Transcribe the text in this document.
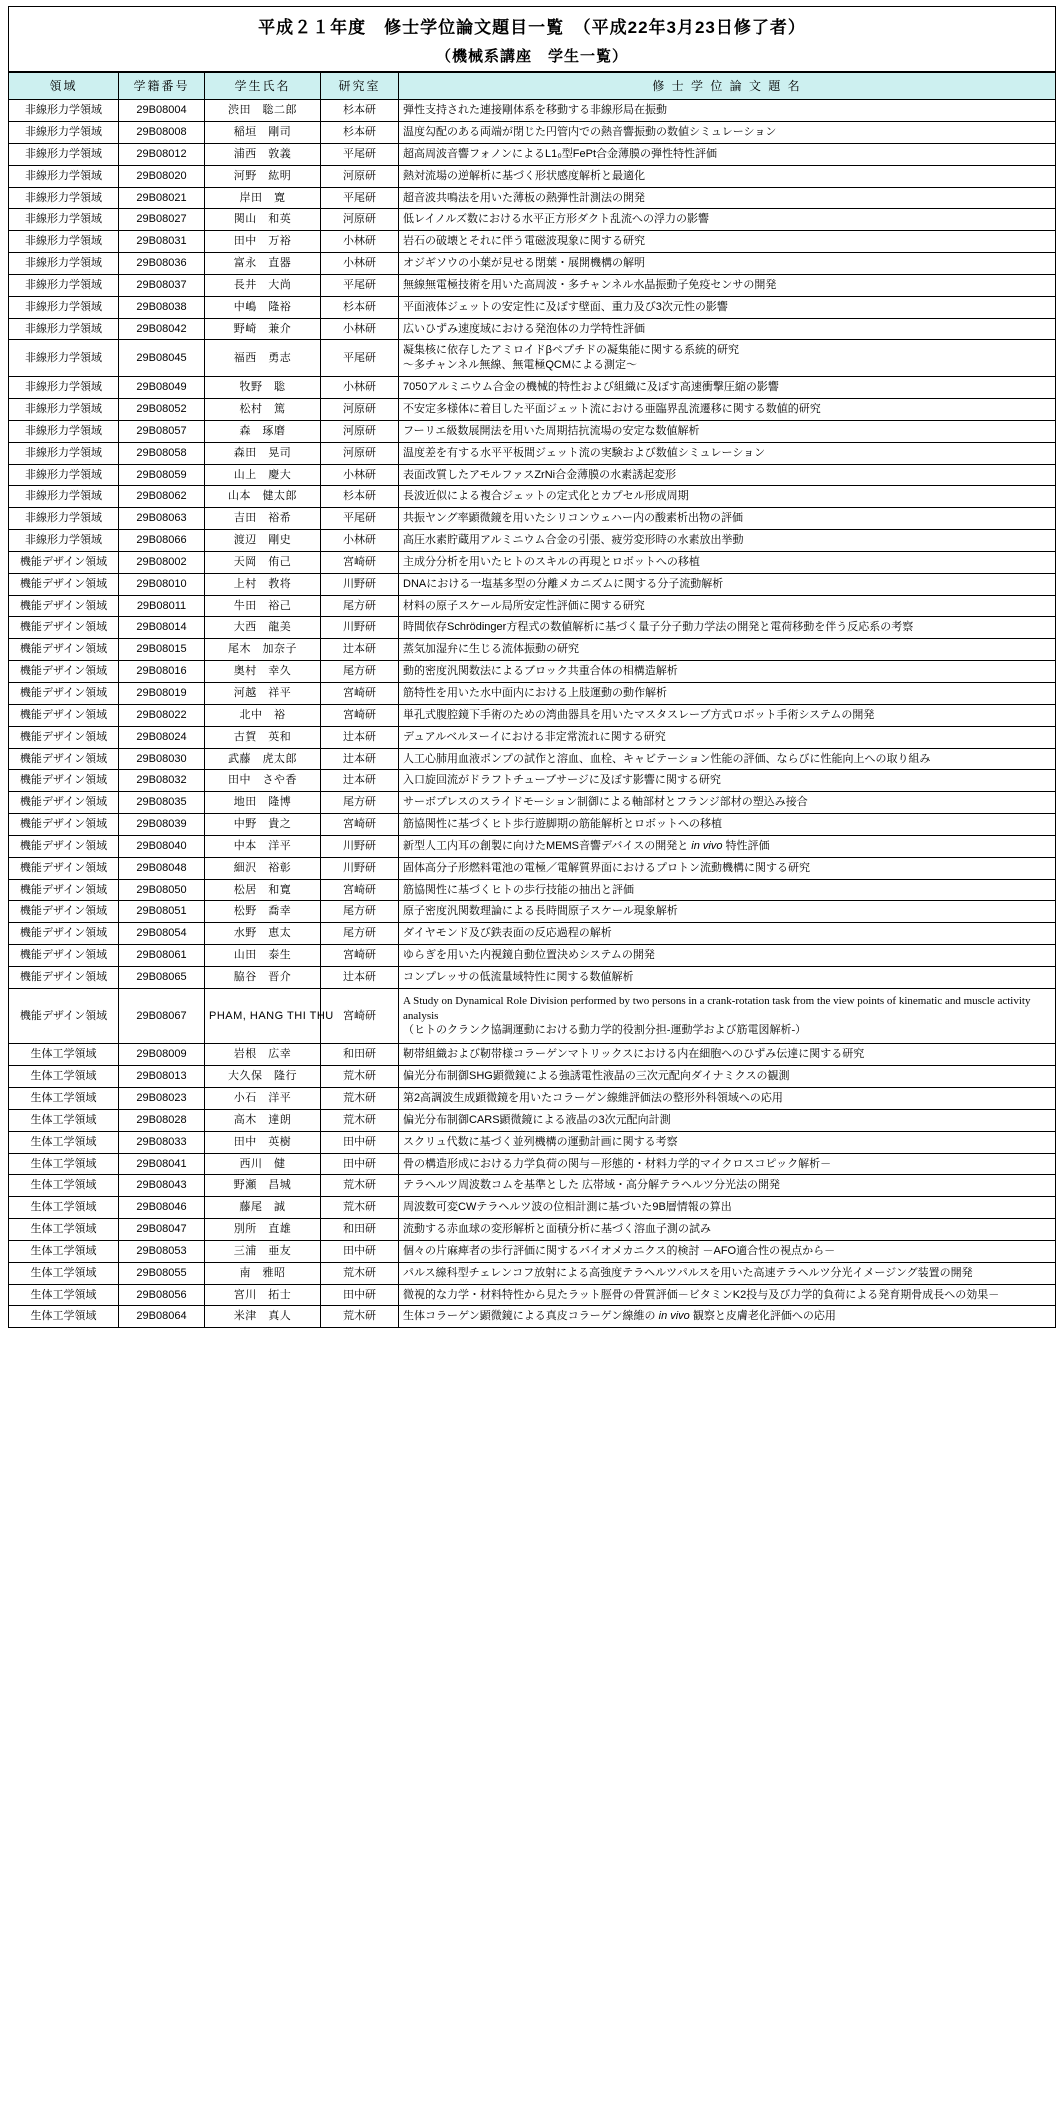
平成２１年度　修士学位論文題目一覧　（平成22年3月23日修了者）
（機械系講座　学生一覧）
領域	学籍番号	学生氏名	研究室	修 士 学 位 論 文 題 名
非線形力学領域	29B08004	渋田　聡二郎	杉本研	弾性支持された連接剛体系を移動する非線形局在振動

非線形力学領域	29B08008	稲垣　剛司	杉本研	温度勾配のある両端が閉じた円管内での熱音響振動の数値シミュレーション

非線形力学領域	29B08012	浦西　敦義	平尾研	超高周波音響フォノンによるL1₀型FePt合金薄膜の弾性特性評価

非線形力学領域	29B08020	河野　紘明	河原研	熱対流場の逆解析に基づく形状感度解析と最適化

非線形力学領域	29B08021	岸田　寛	平尾研	超音波共鳴法を用いた薄板の熱弾性計測法の開発

非線形力学領域	29B08027	関山　和英	河原研	低レイノルズ数における水平正方形ダクト乱流への浮力の影響

非線形力学領域	29B08031	田中　万裕	小林研	岩石の破壊とそれに伴う電磁波現象に関する研究

非線形力学領域	29B08036	富永　直器	小林研	オジギソウの小葉が見せる閉葉・展開機構の解明

非線形力学領域	29B08037	長井　大尚	平尾研	無線無電極技術を用いた高周波・多チャンネル水晶振動子免疫センサの開発

非線形力学領域	29B08038	中嶋　隆裕	杉本研	平面液体ジェットの安定性に及ぼす壁面、重力及び3次元性の影響

非線形力学領域	29B08042	野崎　兼介	小林研	広いひずみ速度域における発泡体の力学特性評価

非線形力学領域	29B08045	福西　勇志	平尾研	凝集核に依存したアミロイドβペプチドの凝集能に関する系統的研究
～多チャンネル無線、無電極QCMによる測定～

非線形力学領域	29B08049	牧野　聡	小林研	7050アルミニウム合金の機械的特性および組織に及ぼす高速衝撃圧縮の影響

非線形力学領域	29B08052	松村　篤	河原研	不安定多様体に着目した平面ジェット流における亜臨界乱流遷移に関する数値的研究

非線形力学領域	29B08057	森　琢磨	河原研	フーリエ級数展開法を用いた周期拮抗流場の安定な数値解析

非線形力学領域	29B08058	森田　晃司	河原研	温度差を有する水平平板間ジェット流の実験および数値シミュレーション

非線形力学領域	29B08059	山上　慶大	小林研	表面改質したアモルファスZrNi合金薄膜の水素誘起変形

非線形力学領域	29B08062	山本　健太郎	杉本研	長波近似による複合ジェットの定式化とカプセル形成周期

非線形力学領域	29B08063	吉田　裕希	平尾研	共振ヤング率顕微鏡を用いたシリコンウェハー内の酸素析出物の評価

非線形力学領域	29B08066	渡辺　剛史	小林研	高圧水素貯蔵用アルミニウム合金の引張、疲労変形時の水素放出挙動

機能デザイン領域	29B08002	天岡　侑己	宮崎研	主成分分析を用いたヒトのスキルの再現とロボットへの移植

機能デザイン領域	29B08010	上村　教将	川野研	DNAにおける一塩基多型の分離メカニズムに関する分子流動解析

機能デザイン領域	29B08011	牛田　裕己	尾方研	材料の原子スケール局所安定性評価に関する研究

機能デザイン領域	29B08014	大西　龍美	川野研	時間依存Schrödinger方程式の数値解析に基づく量子分子動力学法の開発と電荷移動を伴う反応系の考察

機能デザイン領域	29B08015	尾木　加奈子	辻本研	蒸気加湿弁に生じる流体振動の研究

機能デザイン領域	29B08016	奥村　幸久	尾方研	動的密度汎関数法によるブロック共重合体の相構造解析

機能デザイン領域	29B08019	河越　祥平	宮崎研	筋特性を用いた水中面内における上肢運動の動作解析

機能デザイン領域	29B08022	北中　裕	宮崎研	単孔式腹腔鏡下手術のための湾曲器具を用いたマスタスレーブ方式ロボット手術システムの開発

機能デザイン領域	29B08024	古賀　英和	辻本研	デュアルベルヌーイにおける非定常流れに関する研究

機能デザイン領域	29B08030	武藤　虎太郎	辻本研	人工心肺用血液ポンプの試作と溶血、血栓、キャビテーション性能の評価、ならびに性能向上への取り組み

機能デザイン領域	29B08032	田中　さや香	辻本研	入口旋回流がドラフトチューブサージに及ぼす影響に関する研究

機能デザイン領域	29B08035	地田　隆博	尾方研	サーボプレスのスライドモーション制御による軸部材とフランジ部材の塑込み接合

機能デザイン領域	29B08039	中野　貴之	宮崎研	筋協関性に基づくヒト歩行遊脚期の筋能解析とロボットへの移植

機能デザイン領域	29B08040	中本　洋平	川野研	新型人工内耳の創製に向けたMEMS音響デバイスの開発と in vivo 特性評価

機能デザイン領域	29B08048	細沢　裕彰	川野研	固体高分子形燃料電池の電極／電解質界面におけるプロトン流動機構に関する研究

機能デザイン領域	29B08050	松居　和寛	宮崎研	筋協関性に基づくヒトの歩行技能の抽出と評価

機能デザイン領域	29B08051	松野　喬幸	尾方研	原子密度汎関数理論による長時間原子スケール現象解析

機能デザイン領域	29B08054	水野　恵太	尾方研	ダイヤモンド及び鉄表面の反応過程の解析

機能デザイン領域	29B08061	山田　泰生	宮崎研	ゆらぎを用いた内視鏡自動位置決めシステムの開発

機能デザイン領域	29B08065	脇谷　晋介	辻本研	コンプレッサの低流量域特性に関する数値解析

機能デザイン領域	29B08067	PHAM, HANG THI THU	宮崎研	A Study on Dynamical Role Division performed by two persons in a crank-rotation task from the view points of kinematic and muscle activity analysis
（ヒトのクランク協調運動における動力学的役割分担-運動学および筋電図解析-）

生体工学領域	29B08009	岩根　広幸	和田研	靭帯組織および靭帯様コラーゲンマトリックスにおける内在細胞へのひずみ伝達に関する研究

生体工学領域	29B08013	大久保　隆行	荒木研	偏光分布制御SHG顕微鏡による強誘電性液晶の三次元配向ダイナミクスの観測

生体工学領域	29B08023	小石　洋平	荒木研	第2高調波生成顕微鏡を用いたコラーゲン線維評価法の整形外科領域への応用

生体工学領域	29B08028	高木　達朗	荒木研	偏光分布制御CARS顕微鏡による液晶の3次元配向計測

生体工学領域	29B08033	田中　英樹	田中研	スクリュ代数に基づく並列機構の運動計画に関する考察

生体工学領域	29B08041	西川　健	田中研	骨の構造形成における力学負荷の関与－形態的・材料力学的マイクロスコピック解析－

生体工学領域	29B08043	野瀬　昌城	荒木研	テラヘルツ周波数コムを基準とした 広帯域・高分解テラヘルツ分光法の開発

生体工学領域	29B08046	藤尾　誠	荒木研	周波数可変CWテラヘルツ波の位相計測に基づいた9B層情報の算出

生体工学領域	29B08047	別所　直雄	和田研	流動する赤血球の変形解析と面積分析に基づく溶血子測の試み

生体工学領域	29B08053	三浦　亜友	田中研	個々の片麻痺者の歩行評価に関するバイオメカニクス的検討 －AFO適合性の視点から－

生体工学領域	29B08055	南　雅昭	荒木研	パルス線科型チェレンコフ放射による高強度テラヘルツパルスを用いた高速テラヘルツ分光イメージング装置の開発

生体工学領域	29B08056	宮川　拓士	田中研	微視的な力学・材料特性から見たラット脛骨の骨質評価－ビタミンK2投与及び力学的負荷による発育期骨成長への効果－

生体工学領域	29B08064	米津　真人	荒木研	生体コラーゲン顕微鏡による真皮コラーゲン線維の in vivo 観察と皮膚老化評価への応用
